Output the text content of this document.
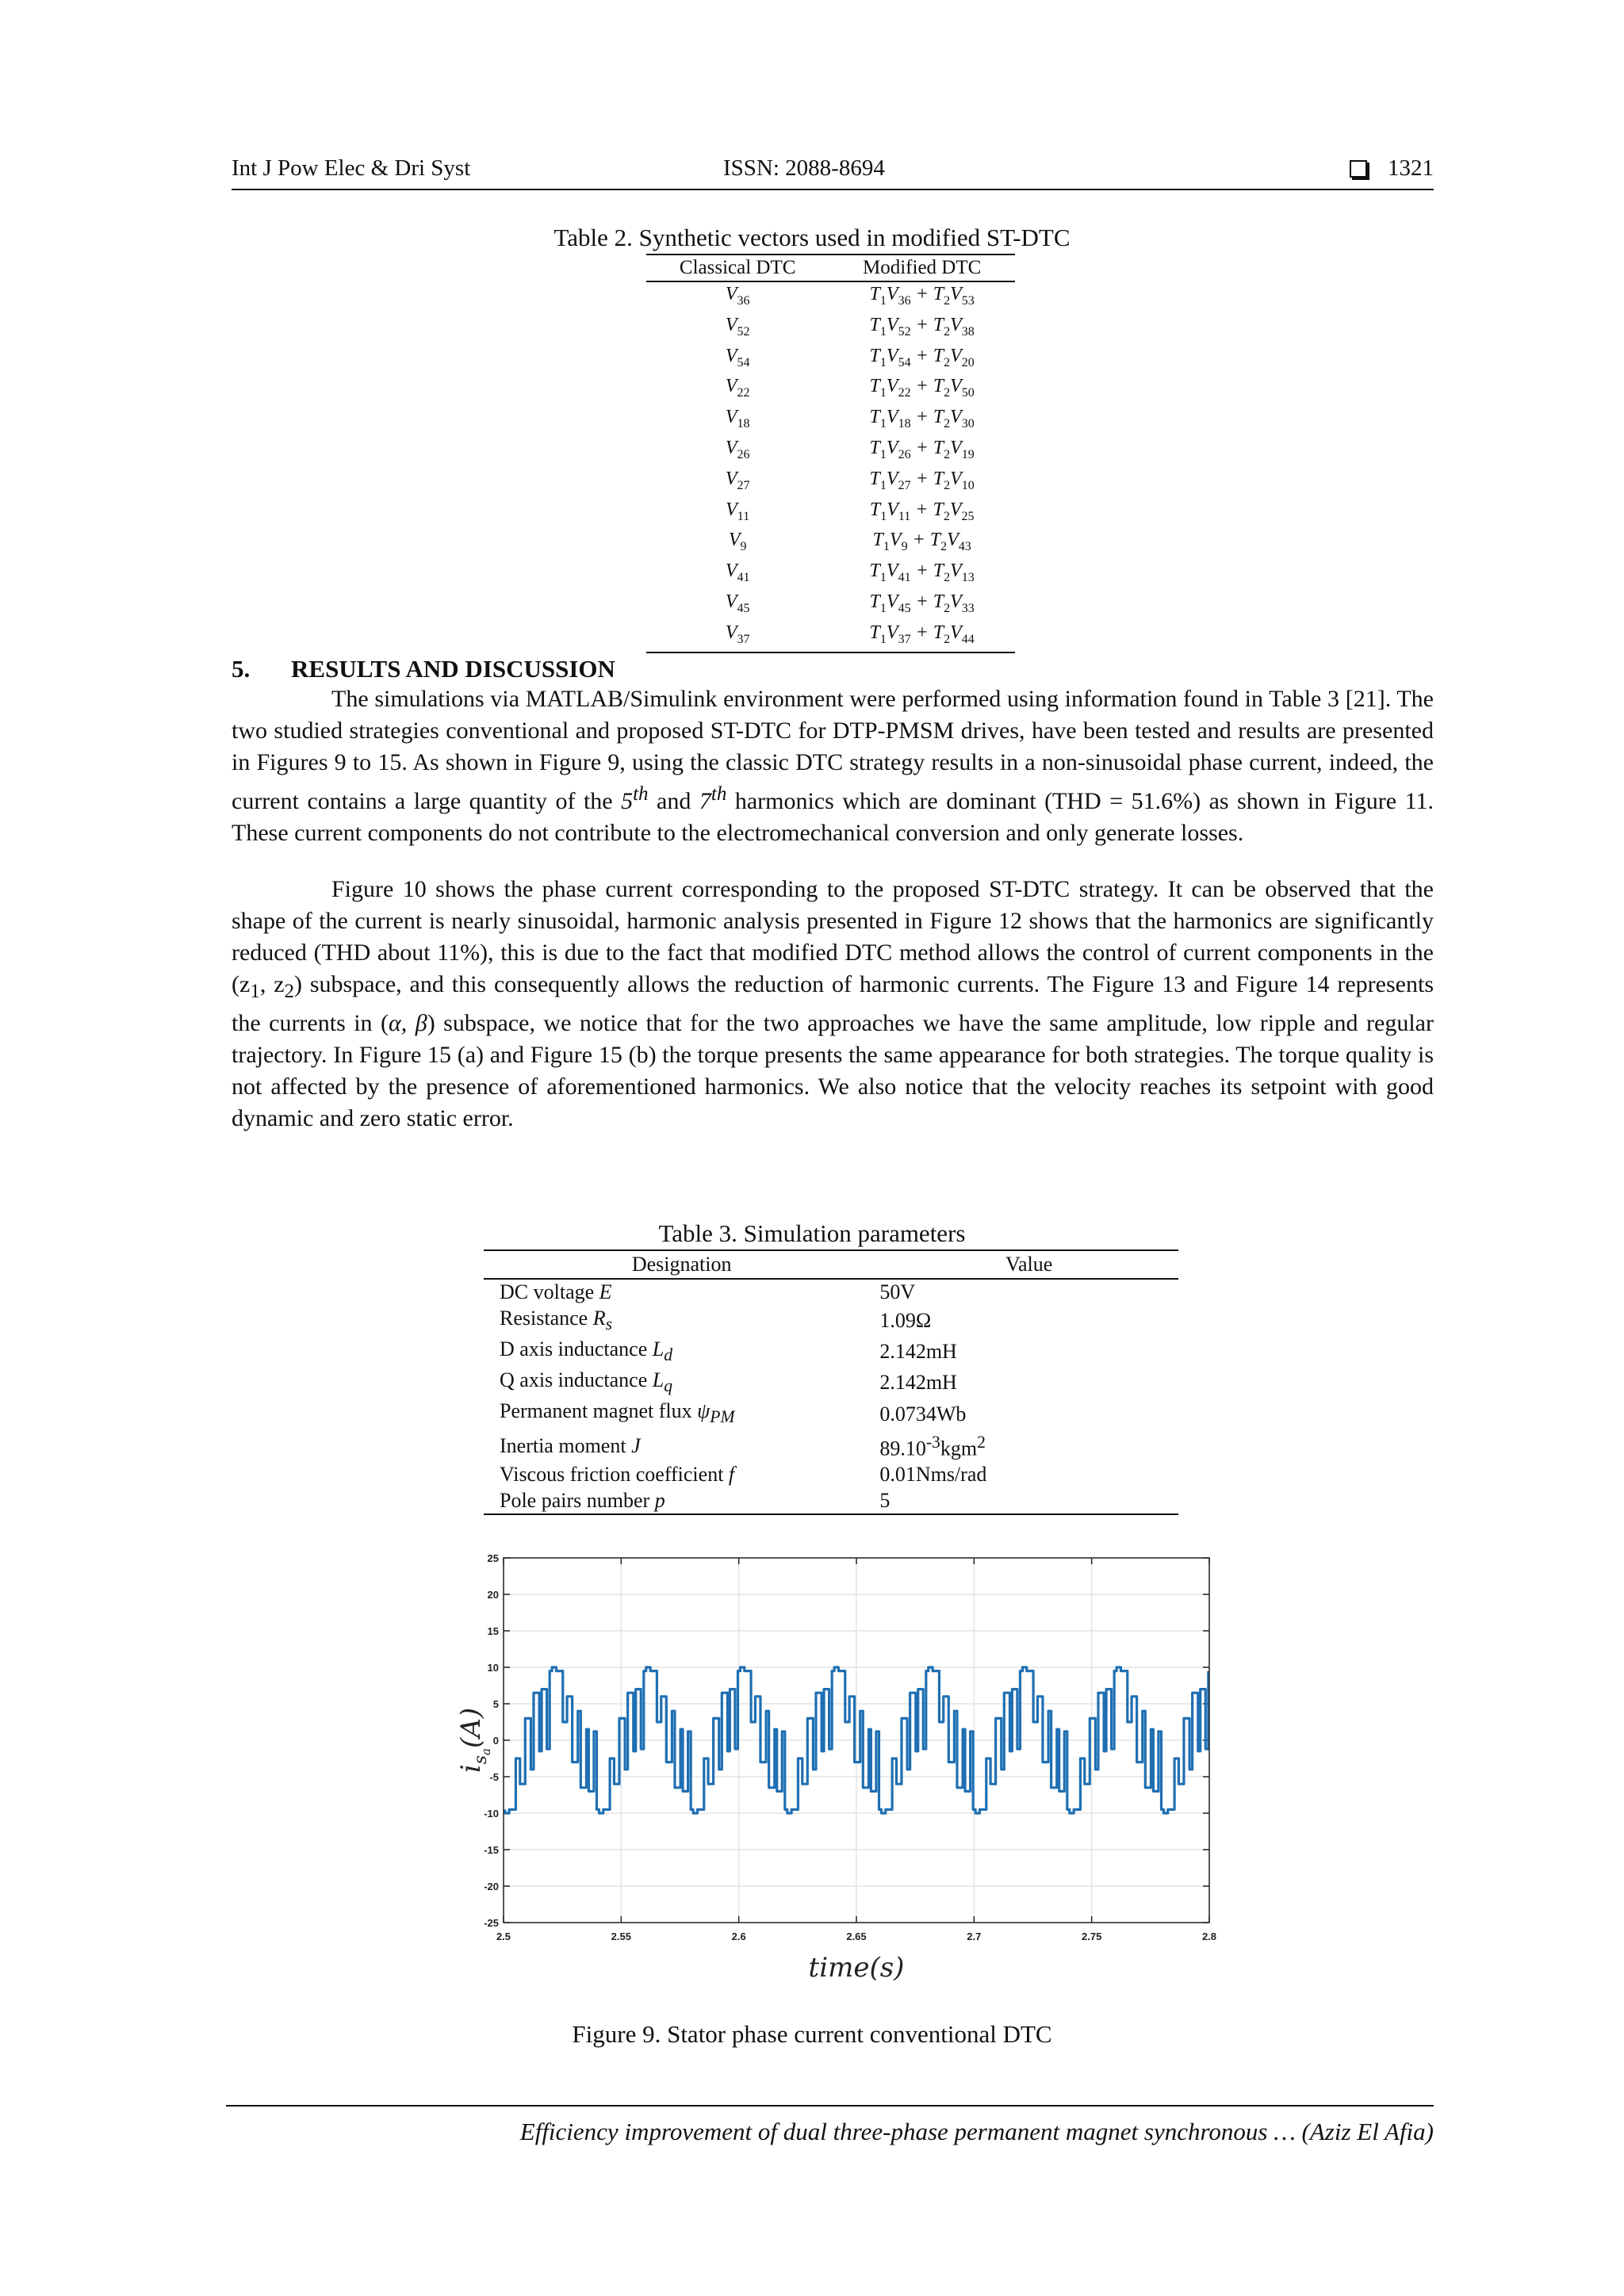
Int J Pow Elec & Dri Syst	ISSN: 2088-8694	1321
Table 2. Synthetic vectors used in modified ST-DTC
Classical DTC	Modified DTC
$V_{36}$	$T_1V_{36} + T_2V_{53}$
$V_{52}$	$T_1V_{52} + T_2V_{38}$
$V_{54}$	$T_1V_{54} + T_2V_{20}$
$V_{22}$	$T_1V_{22} + T_2V_{50}$
$V_{18}$	$T_1V_{18} + T_2V_{30}$
$V_{26}$	$T_1V_{26} + T_2V_{19}$
$V_{27}$	$T_1V_{27} + T_2V_{10}$
$V_{11}$	$T_1V_{11} + T_2V_{25}$
$V_9$	$T_1V_9 + T_2V_{43}$
$V_{41}$	$T_1V_{41} + T_2V_{13}$
$V_{45}$	$T_1V_{45} + T_2V_{33}$
$V_{37}$	$T_1V_{37} + T_2V_{44}$
5. RESULTS AND DISCUSSION
The simulations via MATLAB/Simulink environment were performed using information found in Table 3 [21]. The two studied strategies conventional and proposed ST-DTC for DTP-PMSM drives, have been tested and results are presented in Figures 9 to 15. As shown in Figure 9, using the classic DTC strategy results in a non-sinusoidal phase current, indeed, the current contains a large quantity of the 5th and 7th harmonics which are dominant (THD = 51.6%) as shown in Figure 11. These current components do not contribute to the electromechanical conversion and only generate losses.
Figure 10 shows the phase current corresponding to the proposed ST-DTC strategy. It can be observed that the shape of the current is nearly sinusoidal, harmonic analysis presented in Figure 12 shows that the harmonics are significantly reduced (THD about 11%), this is due to the fact that modified DTC method allows the control of current components in the ($z_1$, $z_2$) subspace, and this consequently allows the reduction of harmonic currents. The Figure 13 and Figure 14 represents the currents in (α, β) subspace, we notice that for the two approaches we have the same amplitude, low ripple and regular trajectory. In Figure 15 (a) and Figure 15 (b) the torque presents the same appearance for both strategies. The torque quality is not affected by the presence of aforementioned harmonics. We also notice that the velocity reaches its setpoint with good dynamic and zero static error.
Table 3. Simulation parameters
Designation	Value
DC voltage E	50V
Resistance $R_s$	1.09Ω
D axis inductance $L_d$	2.142mH
Q axis inductance $L_q$	2.142mH
Permanent magnet flux $\psi_{PM}$	0.0734Wb
Inertia moment J	$89.10^{-3}kgm^2$
Viscous friction coefficient f	0.01Nms/rad
Pole pairs number p	5
2.5	2.55	2.6	2.65	2.7	2.75	2.8
25
20
15
10
5
0
-5
-10
-15
-20
-25
time(s)
$i_sa(A)$
Figure 9. Stator phase current conventional DTC
Efficiency improvement of dual three-phase permanent magnet synchronous … (Aziz El Afia)
